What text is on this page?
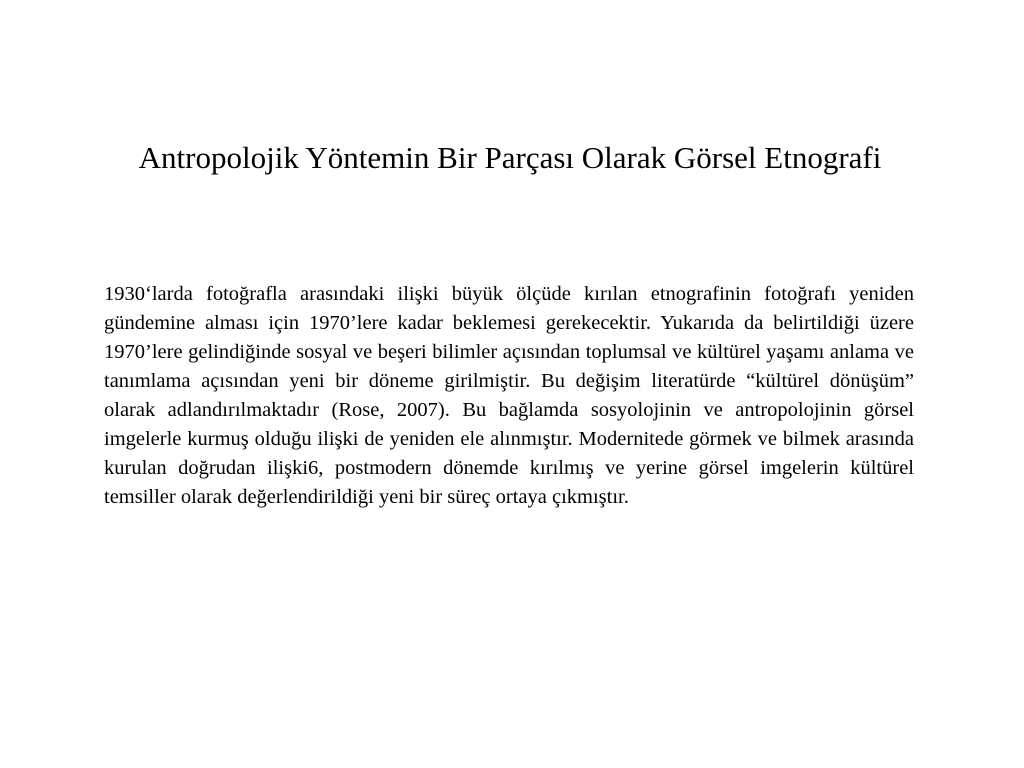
Antropolojik Yöntemin Bir Parçası Olarak Görsel Etnografi

1930‘larda fotoğrafla arasındaki ilişki büyük ölçüde kırılan etnografinin fotoğrafı yeniden gündemine alması için 1970’lere kadar beklemesi gerekecektir. Yukarıda da belirtildiği üzere 1970’lere gelindiğinde sosyal ve beşeri bilimler açısından toplumsal ve kültürel yaşamı anlama ve tanımlama açısından yeni bir döneme girilmiştir. Bu değişim literatürde “kültürel dönüşüm” olarak adlandırılmaktadır (Rose, 2007). Bu bağlamda sosyolojinin ve antropolojinin görsel imgelerle kurmuş olduğu ilişki de yeniden ele alınmıştır. Modernitede görmek ve bilmek arasında kurulan doğrudan ilişki6, postmodern dönemde kırılmış ve yerine görsel imgelerin kültürel temsiller olarak değerlendirildiği yeni bir süreç ortaya çıkmıştır.
